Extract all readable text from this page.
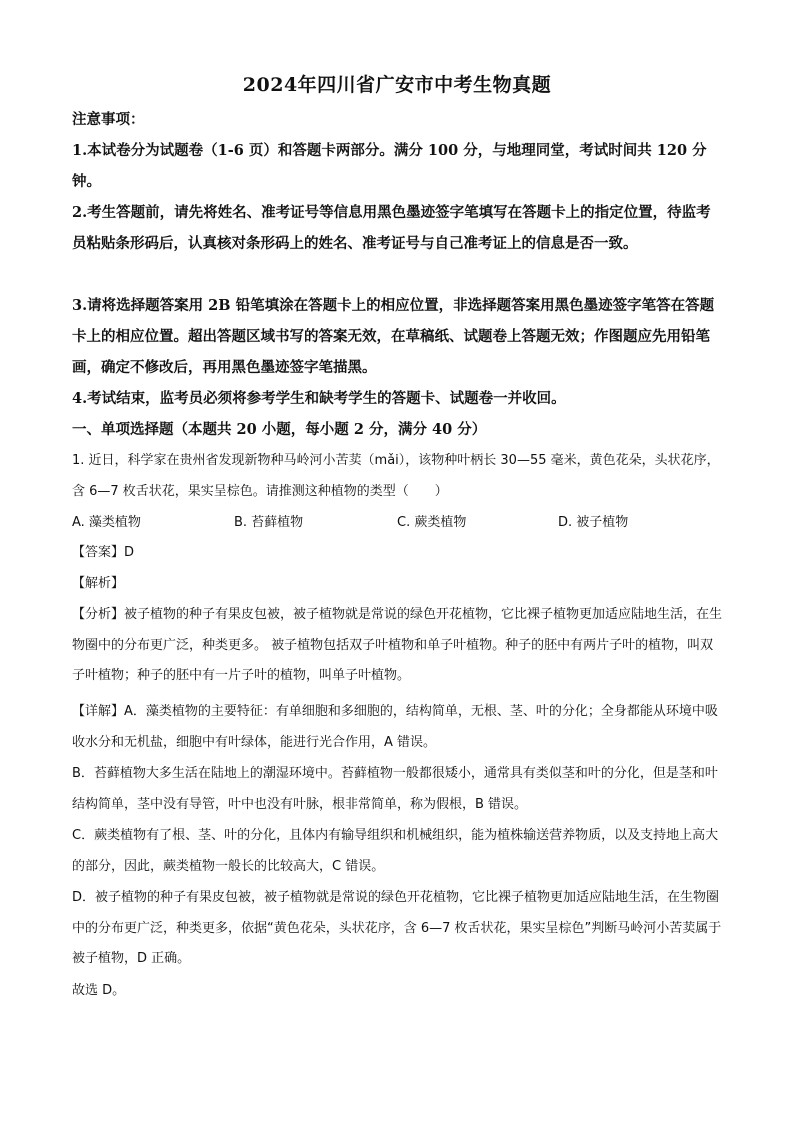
2024年四川省广安市中考生物真题

注意事项：

1.本试卷分为试题卷（1-6 页）和答题卡两部分。满分 100 分，与地理同堂，考试时间共 120 分钟。

2.考生答题前，请先将姓名、准考证号等信息用黑色墨迹签字笔填写在答题卡上的指定位置，待监考员粘贴条形码后，认真核对条形码上的姓名、准考证号与自己准考证上的信息是否一致。

3.请将选择题答案用 2B 铅笔填涂在答题卡上的相应位置，非选择题答案用黑色墨迹签字笔答在答题卡上的相应位置。超出答题区域书写的答案无效，在草稿纸、试题卷上答题无效；作图题应先用铅笔画，确定不修改后，再用黑色墨迹签字笔描黑。

4.考试结束，监考员必须将参考学生和缺考学生的答题卡、试题卷一并收回。

一、单项选择题（本题共 20 小题，每小题 2 分，满分 40 分）

1. 近日，科学家在贵州省发现新物种马岭河小苦荬（mǎi），该物种叶柄长 30—55 毫米，黄色花朵，头状花序，含 6—7 枚舌状花，果实呈棕色。请推测这种植物的类型（　　）

A. 藻类植物	B. 苔藓植物	C. 蕨类植物	D. 被子植物

【答案】D

【解析】

【分析】被子植物的种子有果皮包被，被子植物就是常说的绿色开花植物，它比裸子植物更加适应陆地生活，在生物圈中的分布更广泛，种类更多。 被子植物包括双子叶植物和单子叶植物。种子的胚中有两片子叶的植物，叫双子叶植物；种子的胚中有一片子叶的植物，叫单子叶植物。

【详解】A．藻类植物的主要特征：有单细胞和多细胞的，结构简单，无根、茎、叶的分化；全身都能从环境中吸收水分和无机盐，细胞中有叶绿体，能进行光合作用，A 错误。

B．苔藓植物大多生活在陆地上的潮湿环境中。苔藓植物一般都很矮小，通常具有类似茎和叶的分化，但是茎和叶结构简单，茎中没有导管，叶中也没有叶脉，根非常简单，称为假根，B 错误。

C．蕨类植物有了根、茎、叶的分化，且体内有输导组织和机械组织，能为植株输送营养物质，以及支持地上高大的部分，因此，蕨类植物一般长的比较高大，C 错误。

D．被子植物的种子有果皮包被，被子植物就是常说的绿色开花植物，它比裸子植物更加适应陆地生活，在生物圈中的分布更广泛，种类更多，依据“黄色花朵，头状花序，含 6—7 枚舌状花，果实呈棕色”判断马岭河小苦荬属于被子植物，D 正确。

故选 D。
